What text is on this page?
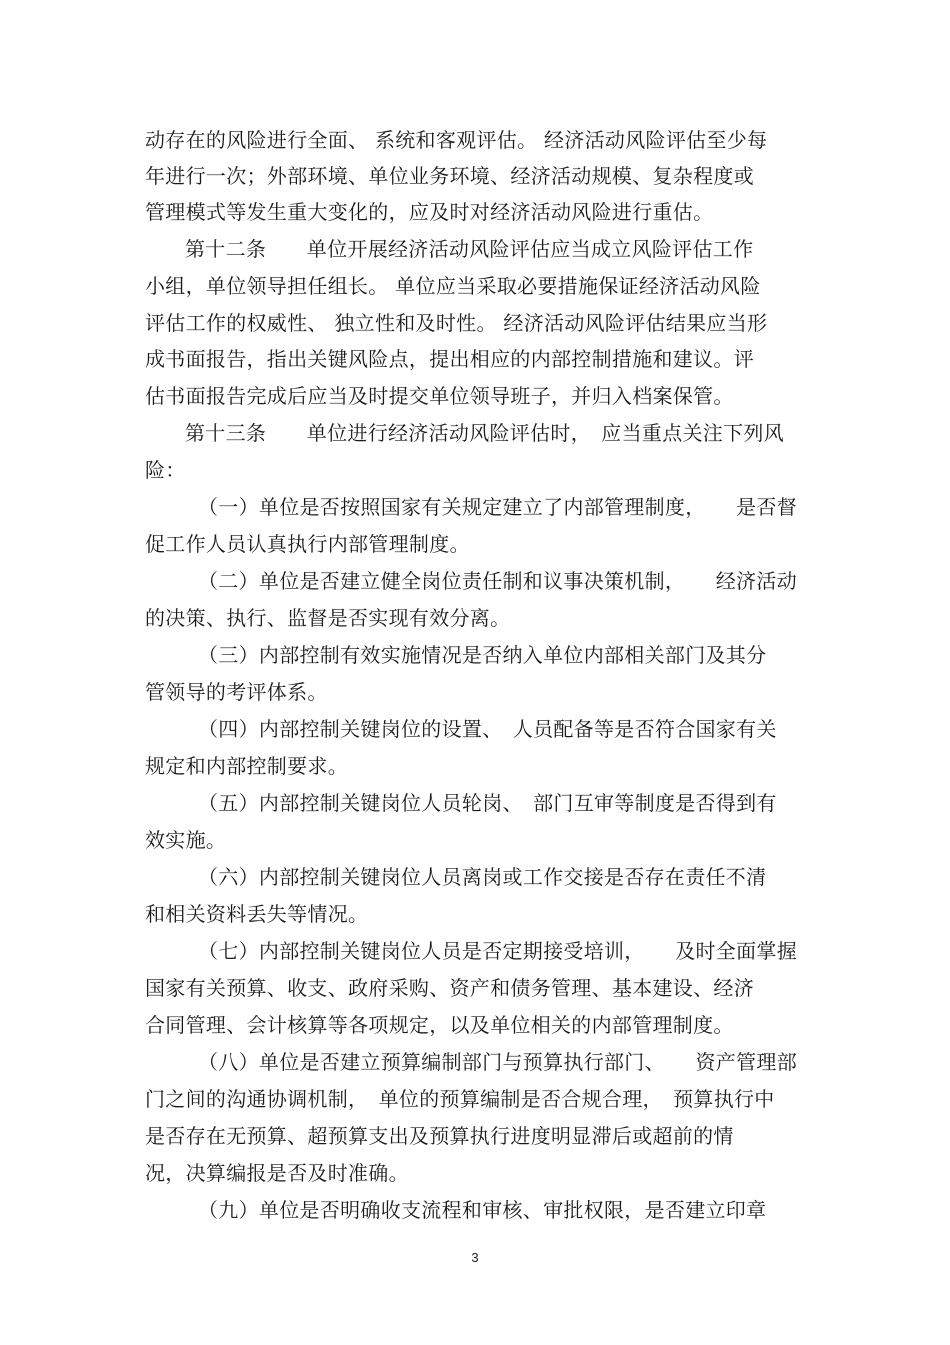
动存在的风险进行全面、 系统和客观评估。 经济活动风险评估至少每
年进行一次；外部环境、单位业务环境、经济活动规模、复杂程度或
管理模式等发生重大变化的，应及时对经济活动风险进行重估。
第十二条　　单位开展经济活动风险评估应当成立风险评估工作
小组，单位领导担任组长。 单位应当采取必要措施保证经济活动风险
评估工作的权威性、 独立性和及时性。 经济活动风险评估结果应当形
成书面报告，指出关键风险点，提出相应的内部控制措施和建议。评
估书面报告完成后应当及时提交单位领导班子，并归入档案保管。
第十三条　　单位进行经济活动风险评估时，　应当重点关注下列风
险：
（一）单位是否按照国家有关规定建立了内部管理制度，　　是否督
促工作人员认真执行内部管理制度。
（二）单位是否建立健全岗位责任制和议事决策机制，　　经济活动
的决策、执行、监督是否实现有效分离。
（三）内部控制有效实施情况是否纳入单位内部相关部门及其分
管领导的考评体系。
（四）内部控制关键岗位的设置、　人员配备等是否符合国家有关
规定和内部控制要求。
（五）内部控制关键岗位人员轮岗、　部门互审等制度是否得到有
效实施。
（六）内部控制关键岗位人员离岗或工作交接是否存在责任不清
和相关资料丢失等情况。
（七）内部控制关键岗位人员是否定期接受培训，　　及时全面掌握
国家有关预算、收支、政府采购、资产和债务管理、基本建设、经济
合同管理、会计核算等各项规定，以及单位相关的内部管理制度。
（八）单位是否建立预算编制部门与预算执行部门、　　资产管理部
门之间的沟通协调机制，　单位的预算编制是否合规合理，　预算执行中
是否存在无预算、超预算支出及预算执行进度明显滞后或超前的情
况，决算编报是否及时准确。
（九）单位是否明确收支流程和审核、审批权限，是否建立印章
3
